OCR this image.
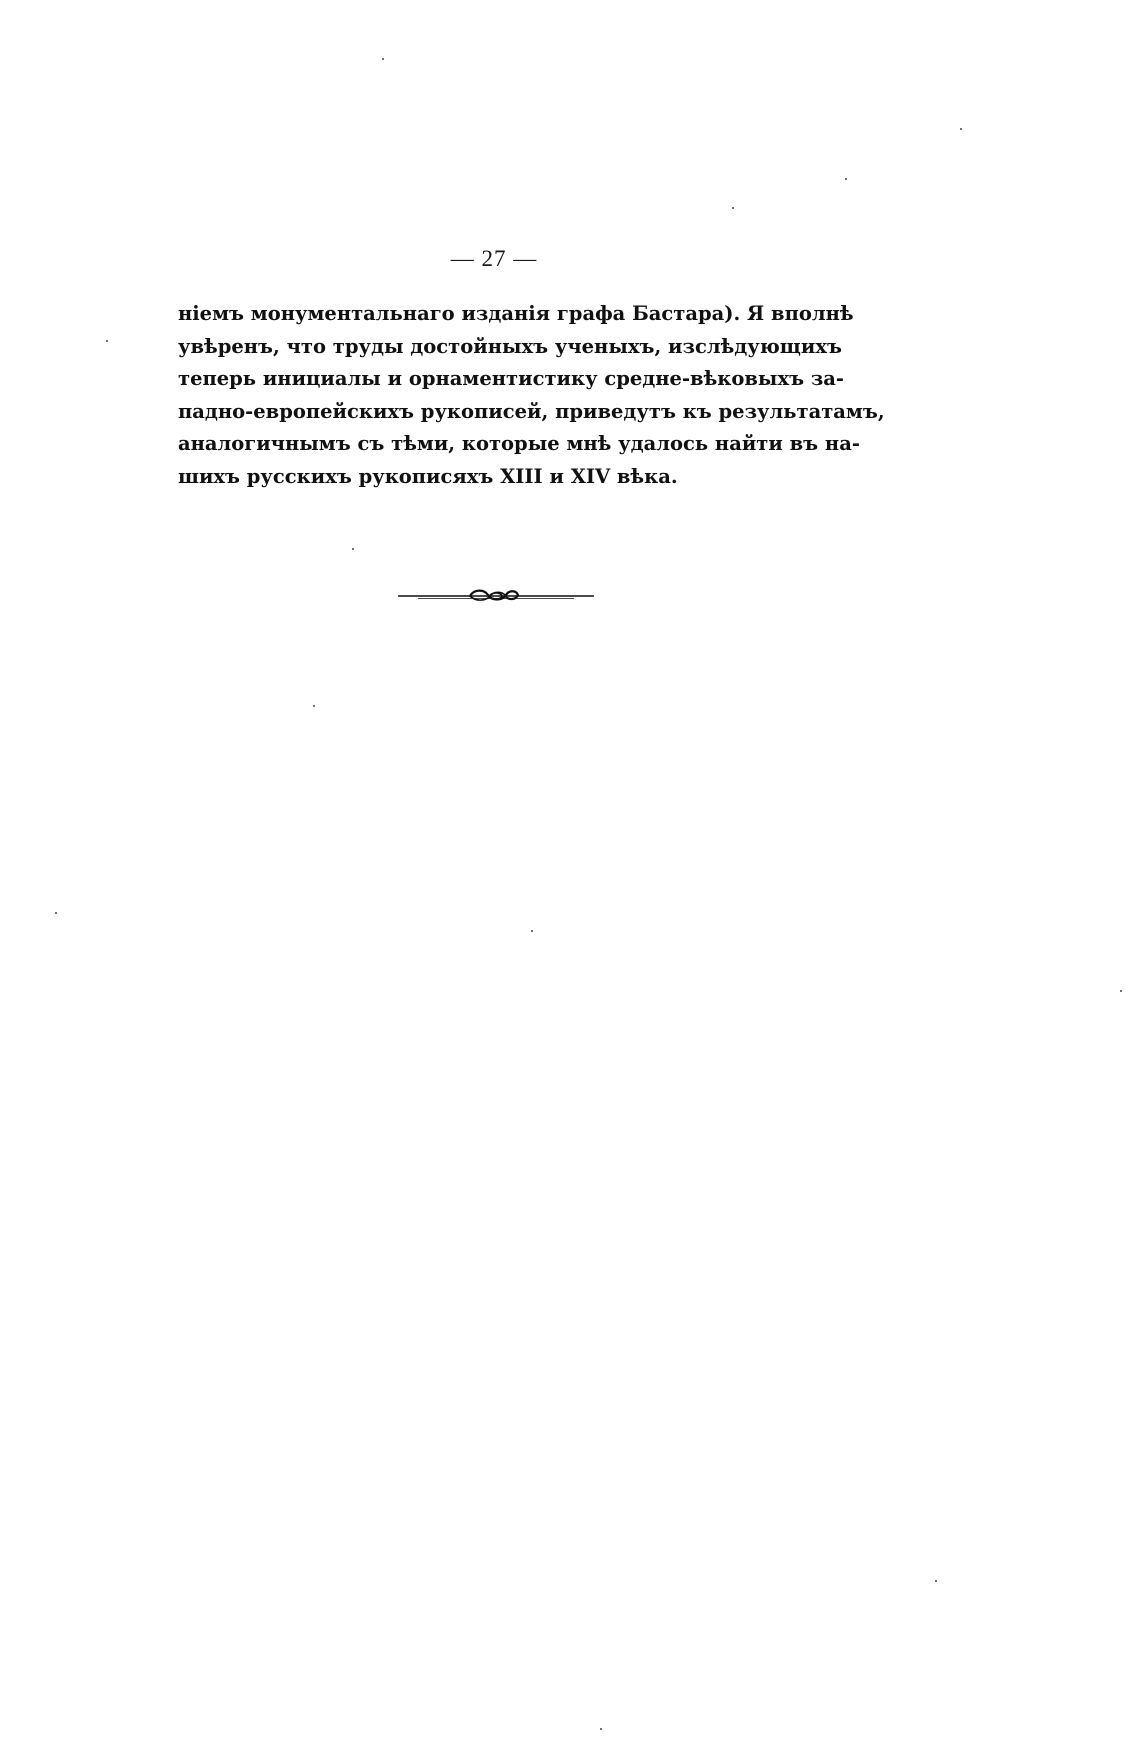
— 27 —
ніемъ монументальнаго изданія графа Бастара). Я вполнѣ
увѣренъ, что труды достойныхъ ученыхъ, изслѣдующихъ
теперь инициалы и орнаментистику средне-вѣковыхъ за-
падно-европейскихъ рукописей, приведутъ къ результатамъ,
аналогичнымъ съ тѣми, которые мнѣ удалось найти въ на-
шихъ русскихъ рукописяхъ XIII и XIV вѣка.
